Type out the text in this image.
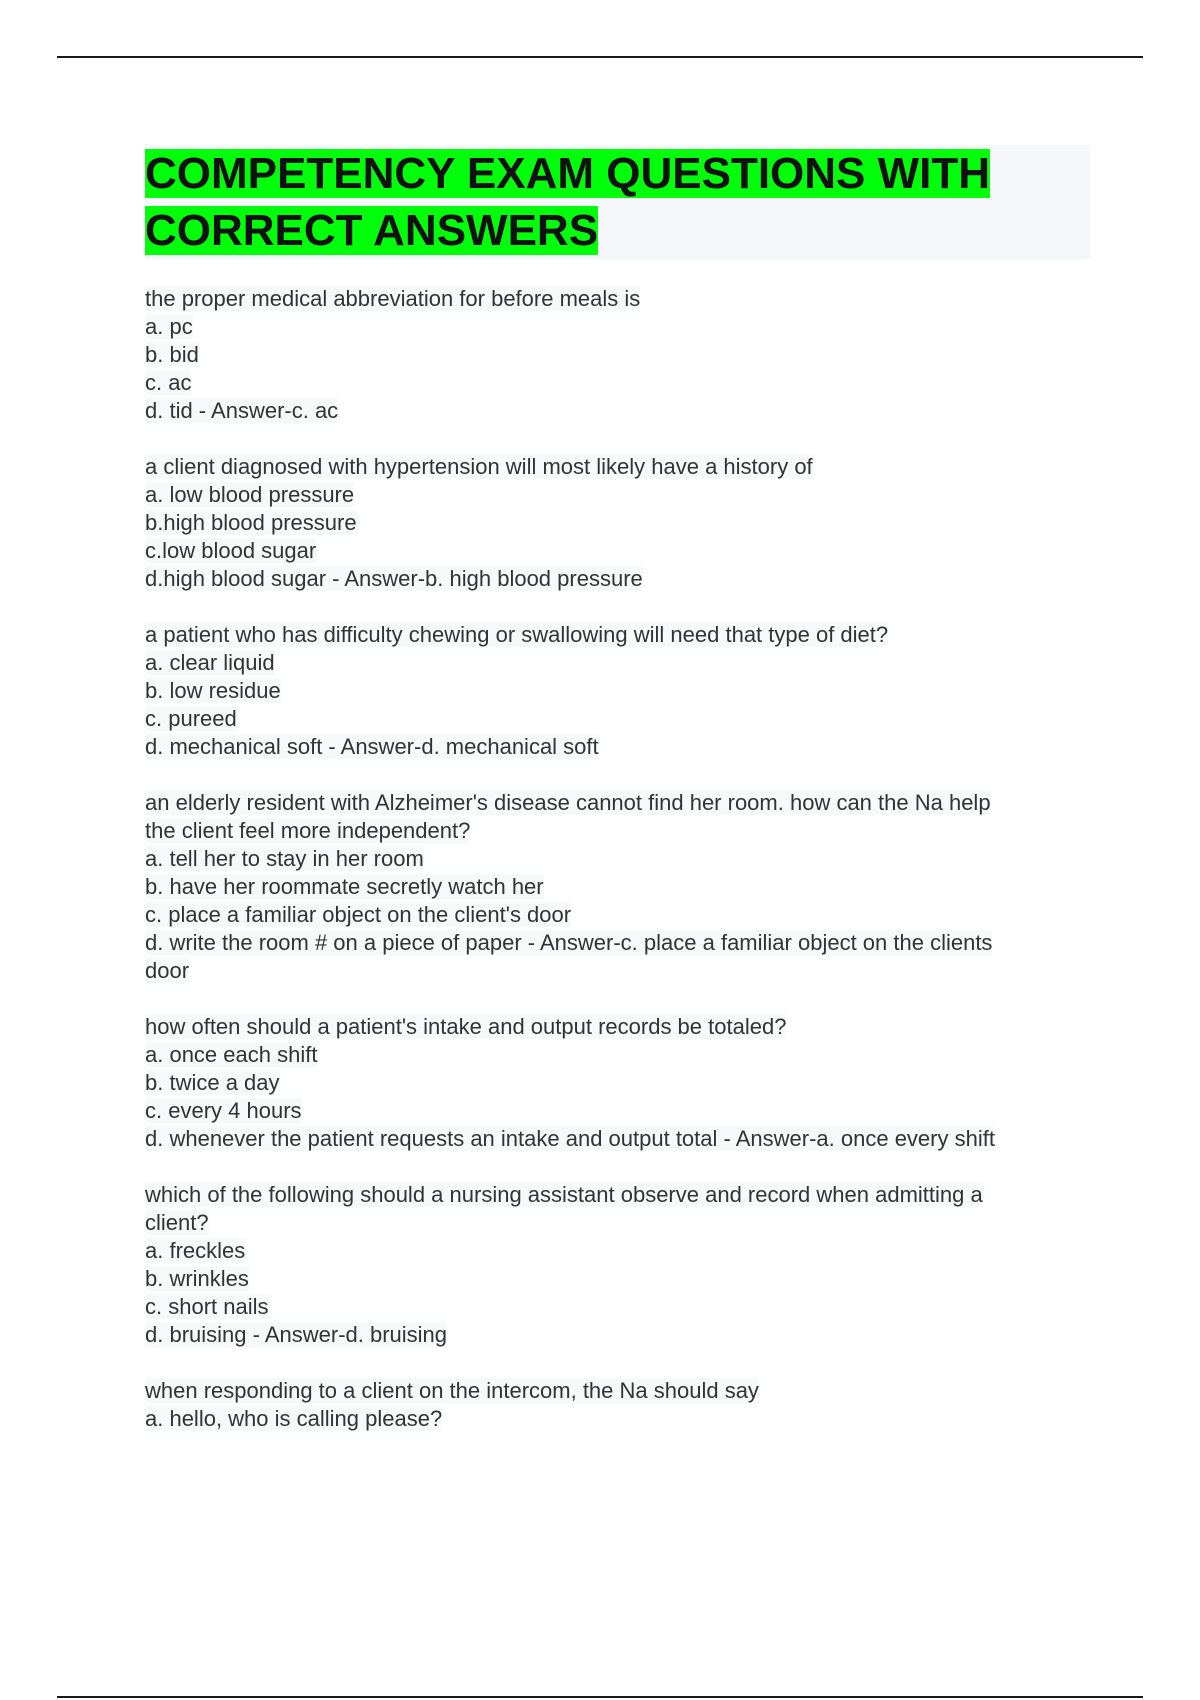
COMPETENCY EXAM QUESTIONS WITH
CORRECT ANSWERS
the proper medical abbreviation for before meals is
a. pc
b. bid
c. ac
d. tid - Answer-c. ac
a client diagnosed with hypertension will most likely have a history of
a. low blood pressure
b.high blood pressure
c.low blood sugar
d.high blood sugar - Answer-b. high blood pressure
a patient who has difficulty chewing or swallowing will need that type of diet?
a. clear liquid
b. low residue
c. pureed
d. mechanical soft - Answer-d. mechanical soft
an elderly resident with Alzheimer's disease cannot find her room. how can the Na help
the client feel more independent?
a. tell her to stay in her room
b. have her roommate secretly watch her
c. place a familiar object on the client's door
d. write the room # on a piece of paper - Answer-c. place a familiar object on the clients
door
how often should a patient's intake and output records be totaled?
a. once each shift
b. twice a day
c. every 4 hours
d. whenever the patient requests an intake and output total - Answer-a. once every shift
which of the following should a nursing assistant observe and record when admitting a
client?
a. freckles
b. wrinkles
c. short nails
d. bruising - Answer-d. bruising
when responding to a client on the intercom, the Na should say
a. hello, who is calling please?
